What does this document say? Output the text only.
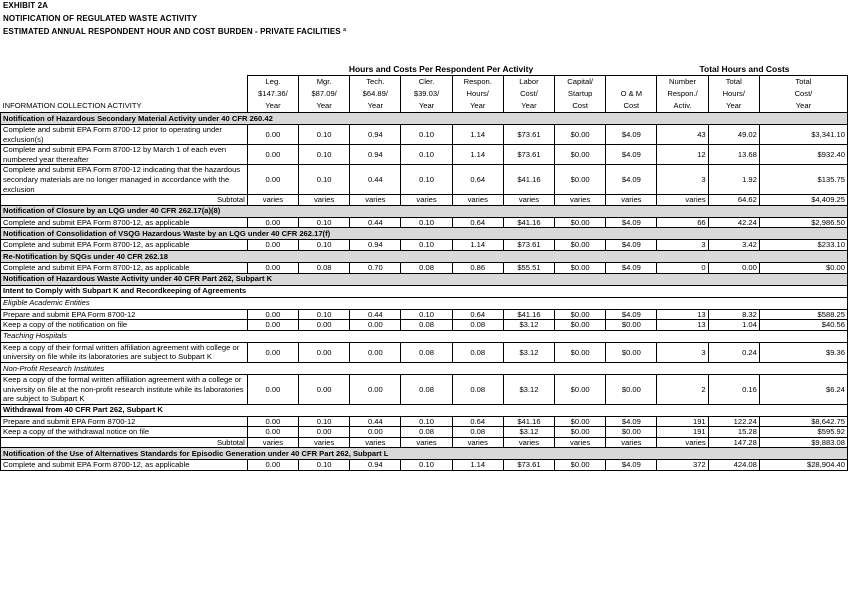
EXHIBIT 2A
NOTIFICATION OF REGULATED WASTE ACTIVITY
ESTIMATED ANNUAL RESPONDENT HOUR AND COST BURDEN - PRIVATE FACILITIES ª
Hours and Costs Per Respondent Per Activity	Total Hours and Costs
	Leg.	Mgr.	Tech.	Cler.	Respon.	Labor	Capital/		Number	Total	Total
	$147.36/	$87.09/	$64.89/	$39.03/	Hours/	Cost/	Startup	O & M	Respon./	Hours/	Cost/
INFORMATION COLLECTION ACTIVITY	Year	Year	Year	Year	Year	Year	Cost	Cost	Activ.	Year	Year
Notification of Hazardous Secondary Material Activity under 40 CFR 260.42											
Complete and submit EPA Form 8700-12 prior to operating under exclusion(s)	0.00	0.10	0.94	0.10	1.14	$73.61	$0.00	$4.09	43	49.02	$3,341.10
Complete and submit EPA Form 8700-12 by March 1 of each even numbered year thereafter	0.00	0.10	0.94	0.10	1.14	$73.61	$0.00	$4.09	12	13.68	$932.40
Complete and submit EPA Form 8700-12 indicating that the hazardous secondary materials are no longer managed in accordance with the exclusion	0.00	0.10	0.44	0.10	0.64	$41.16	$0.00	$4.09	3	1.92	$135.75
Subtotal	varies	varies	varies	varies	varies	varies	varies	varies	varies	64.62	$4,409.25
Notification of Closure by an LQG under 40 CFR 262.17(a)(8)											
Complete and submit EPA Form 8700-12, as applicable	0.00	0.10	0.44	0.10	0.64	$41.16	$0.00	$4.09	66	42.24	$2,986.50
Notification of Consolidation of VSQG Hazardous Waste by an LQG under 40 CFR 262.17(f)											
Complete and submit EPA Form 8700-12, as applicable	0.00	0.10	0.94	0.10	1.14	$73.61	$0.00	$4.09	3	3.42	$233.10
Re-Notification by SQGs under 40 CFR 262.18											
Complete and submit EPA Form 8700-12, as applicable	0.00	0.08	0.70	0.08	0.86	$55.51	$0.00	$4.09	0	0.00	$0.00
Notification of Hazardous Waste Activity under 40 CFR Part 262, Subpart K											
Intent to Comply with Subpart K and Recordkeeping of Agreements											
Eligible Academic Entities											
Prepare and submit EPA Form 8700-12	0.00	0.10	0.44	0.10	0.64	$41.16	$0.00	$4.09	13	8.32	$588.25
Keep a copy of the notification on file	0.00	0.00	0.00	0.08	0.08	$3.12	$0.00	$0.00	13	1.04	$40.56
Teaching Hospitals											
Keep a copy of their formal written affiliation agreement with college or university on file while its laboratories are subject to Subpart K	0.00	0.00	0.00	0.08	0.08	$3.12	$0.00	$0.00	3	0.24	$9.36
Non-Profit Research Institutes											
Keep a copy of the formal written affiliation agreement with a college or university on file at the non-profit research institute while its laboratories are subject to Subpart K	0.00	0.00	0.00	0.08	0.08	$3.12	$0.00	$0.00	2	0.16	$6.24
Withdrawal from 40 CFR Part 262, Subpart K											
Prepare and submit EPA Form 8700-12	0.00	0.10	0.44	0.10	0.64	$41.16	$0.00	$4.09	191	122.24	$8,642.75
Keep a copy of the withdrawal notice on file	0.00	0.00	0.00	0.08	0.08	$3.12	$0.00	$0.00	191	15.28	$595.92
Subtotal	varies	varies	varies	varies	varies	varies	varies	varies	varies	147.28	$9,883.08
Notification of the Use of Alternatives Standards for Episodic Generation under 40 CFR Part 262, Subpart L											
Complete and submit EPA Form 8700-12, as applicable	0.00	0.10	0.94	0.10	1.14	$73.61	$0.00	$4.09	372	424.08	$28,904.40
